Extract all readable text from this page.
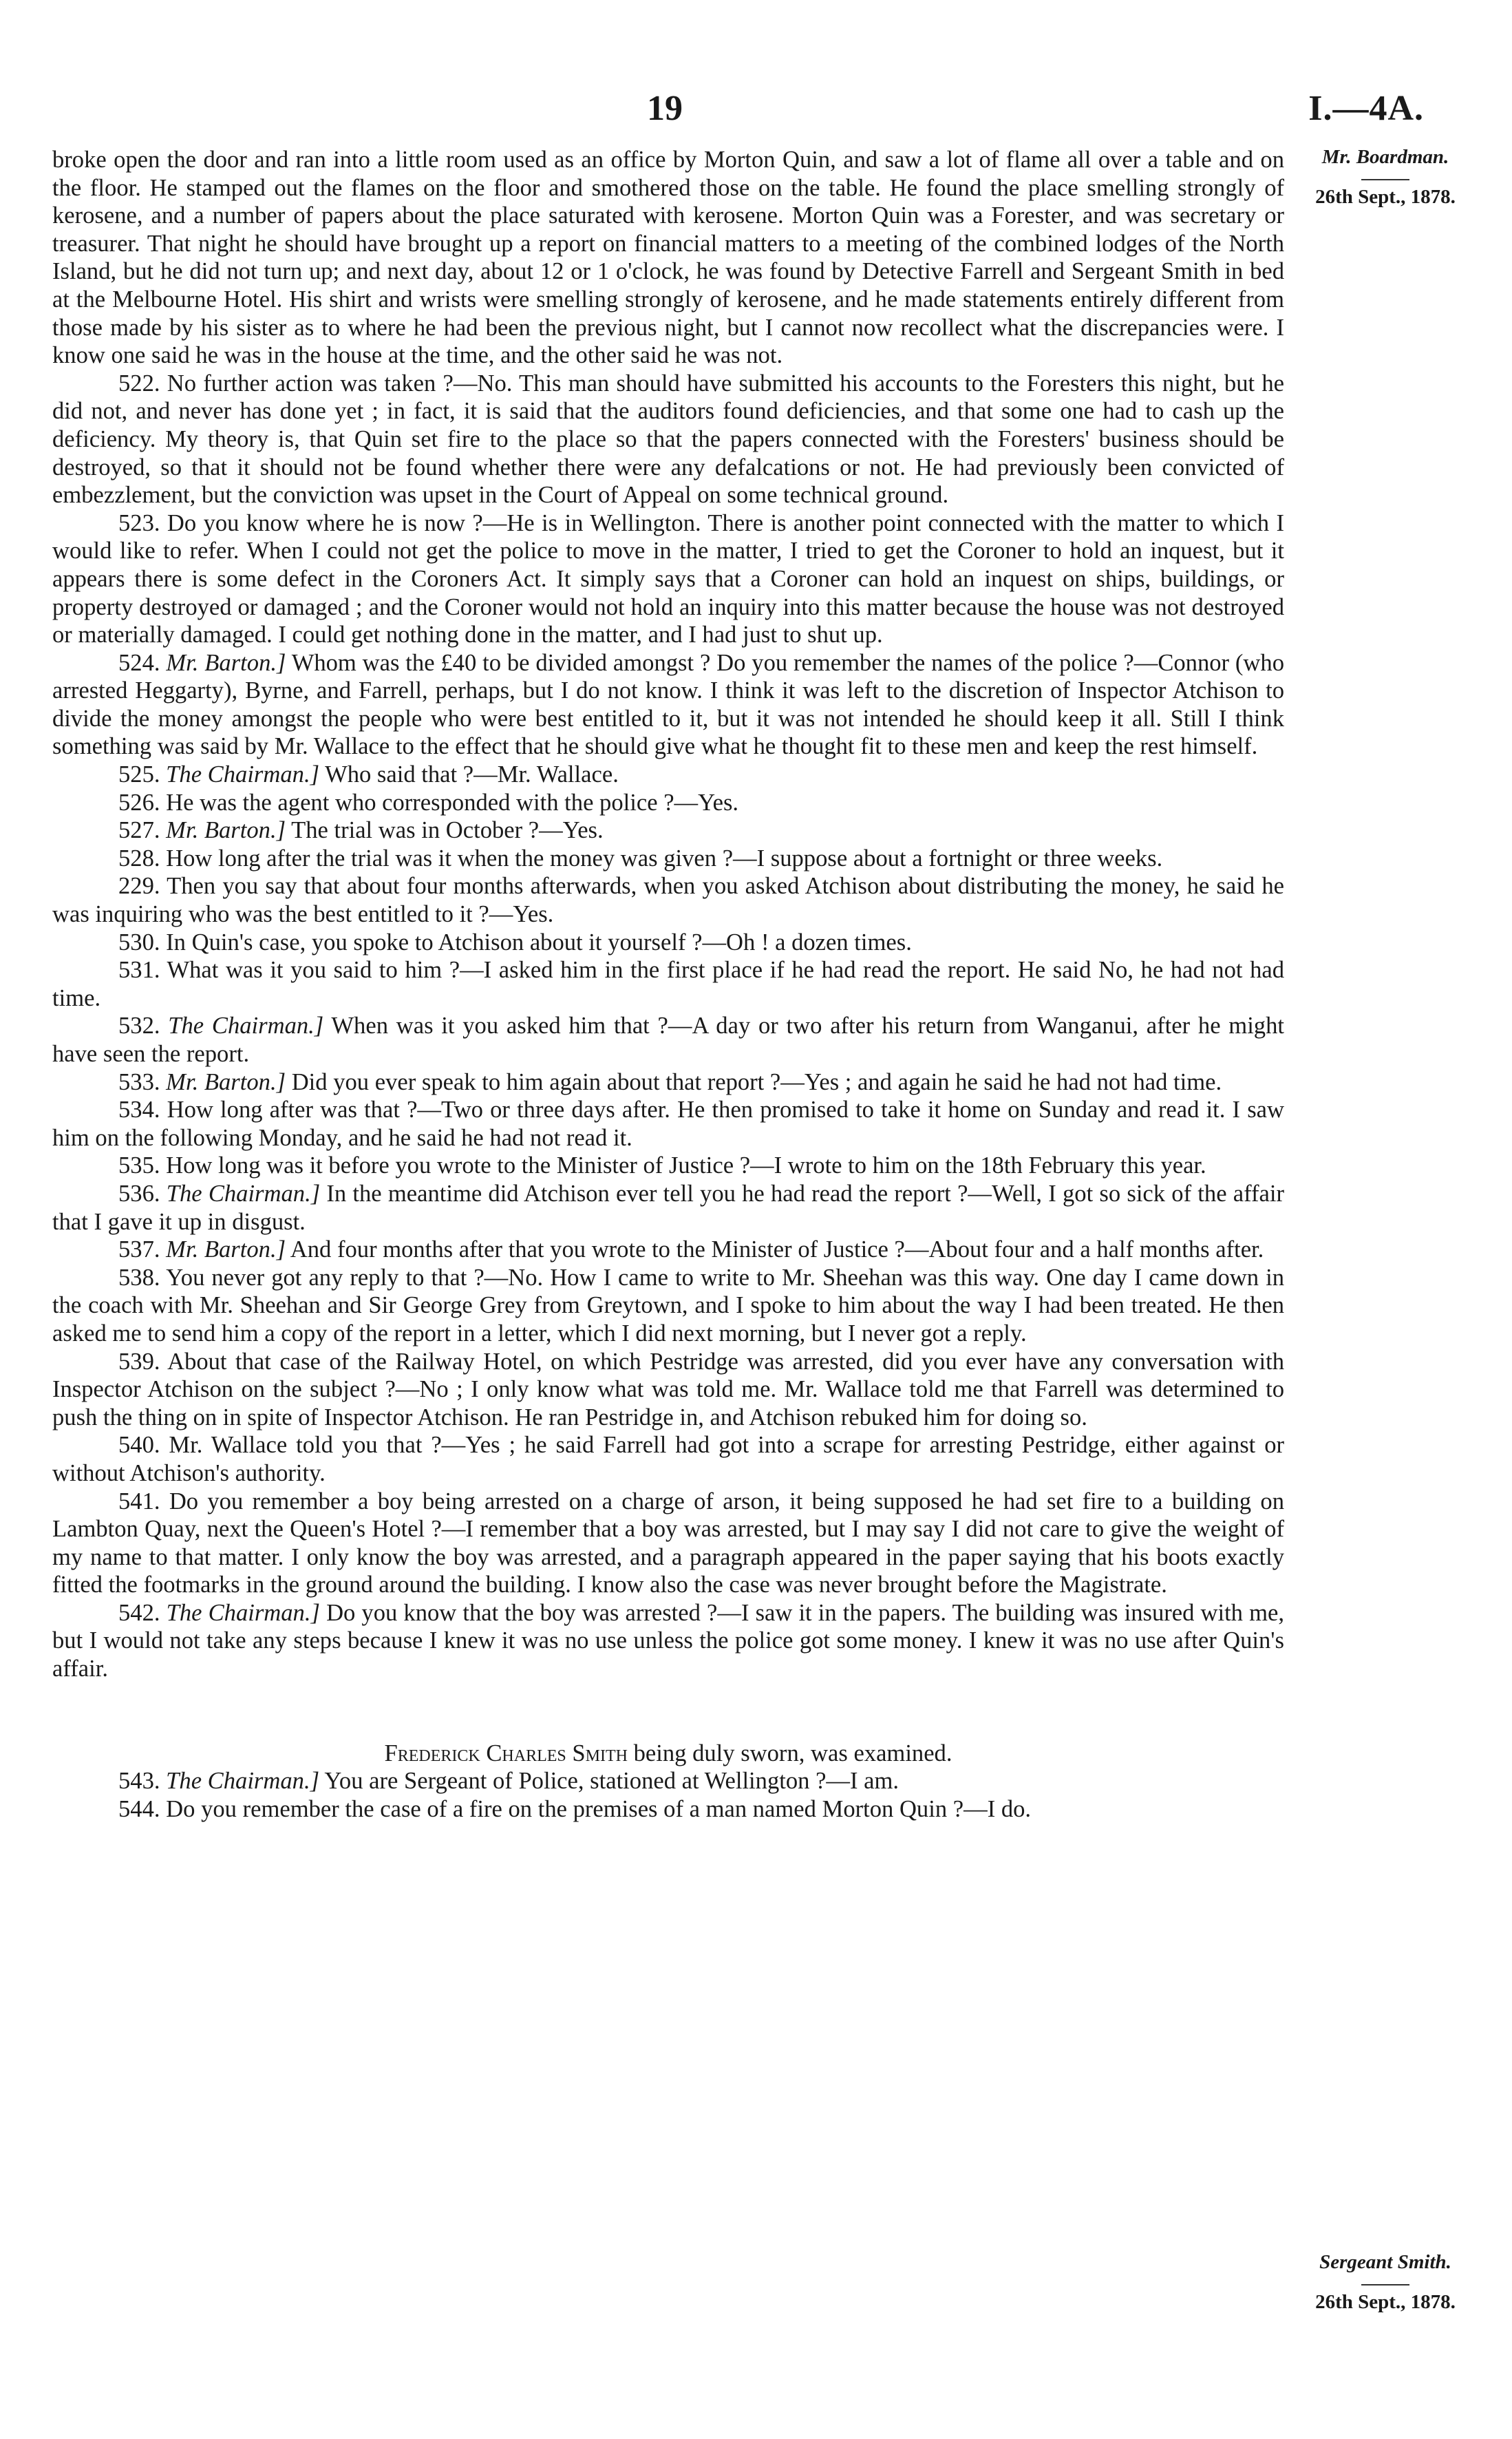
19	I.—4A.
Mr. Boardman.
26th Sept., 1878.
Sergeant Smith.
26th Sept., 1878.

broke open the door and ran into a little room used as an office by Morton Quin, and saw a lot of flame all over a table and on the floor. He stamped out the flames on the floor and smothered those on the table. He found the place smelling strongly of kerosene, and a number of papers about the place saturated with kerosene. Morton Quin was a Forester, and was secretary or treasurer. That night he should have brought up a report on financial matters to a meeting of the combined lodges of the North Island, but he did not turn up; and next day, about 12 or 1 o'clock, he was found by Detective Farrell and Sergeant Smith in bed at the Melbourne Hotel. His shirt and wrists were smelling strongly of kerosene, and he made statements entirely different from those made by his sister as to where he had been the previous night, but I cannot now recollect what the discrepancies were. I know one said he was in the house at the time, and the other said he was not.

522. No further action was taken ?—No. This man should have submitted his accounts to the Foresters this night, but he did not, and never has done yet ; in fact, it is said that the auditors found deficiencies, and that some one had to cash up the deficiency. My theory is, that Quin set fire to the place so that the papers connected with the Foresters' business should be destroyed, so that it should not be found whether there were any defalcations or not. He had previously been convicted of embezzlement, but the conviction was upset in the Court of Appeal on some technical ground.

523. Do you know where he is now ?—He is in Wellington. There is another point connected with the matter to which I would like to refer. When I could not get the police to move in the matter, I tried to get the Coroner to hold an inquest, but it appears there is some defect in the Coroners Act. It simply says that a Coroner can hold an inquest on ships, buildings, or property destroyed or damaged ; and the Coroner would not hold an inquiry into this matter because the house was not destroyed or materially damaged. I could get nothing done in the matter, and I had just to shut up.

524. Mr. Barton.] Whom was the £40 to be divided amongst ? Do you remember the names of the police ?—Connor (who arrested Heggarty), Byrne, and Farrell, perhaps, but I do not know. I think it was left to the discretion of Inspector Atchison to divide the money amongst the people who were best entitled to it, but it was not intended he should keep it all. Still I think something was said by Mr. Wallace to the effect that he should give what he thought fit to these men and keep the rest himself.

525. The Chairman.] Who said that ?—Mr. Wallace.

526. He was the agent who corresponded with the police ?—Yes.

527. Mr. Barton.] The trial was in October ?—Yes.

528. How long after the trial was it when the money was given ?—I suppose about a fortnight or three weeks.

229. Then you say that about four months afterwards, when you asked Atchison about distributing the money, he said he was inquiring who was the best entitled to it ?—Yes.

530. In Quin's case, you spoke to Atchison about it yourself ?—Oh ! a dozen times.

531. What was it you said to him ?—I asked him in the first place if he had read the report. He said No, he had not had time.

532. The Chairman.] When was it you asked him that ?—A day or two after his return from Wanganui, after he might have seen the report.

533. Mr. Barton.] Did you ever speak to him again about that report ?—Yes ; and again he said he had not had time.

534. How long after was that ?—Two or three days after. He then promised to take it home on Sunday and read it. I saw him on the following Monday, and he said he had not read it.

535. How long was it before you wrote to the Minister of Justice ?—I wrote to him on the 18th February this year.

536. The Chairman.] In the meantime did Atchison ever tell you he had read the report ?—Well, I got so sick of the affair that I gave it up in disgust.

537. Mr. Barton.] And four months after that you wrote to the Minister of Justice ?—About four and a half months after.

538. You never got any reply to that ?—No. How I came to write to Mr. Sheehan was this way. One day I came down in the coach with Mr. Sheehan and Sir George Grey from Greytown, and I spoke to him about the way I had been treated. He then asked me to send him a copy of the report in a letter, which I did next morning, but I never got a reply.

539. About that case of the Railway Hotel, on which Pestridge was arrested, did you ever have any conversation with Inspector Atchison on the subject ?—No ; I only know what was told me. Mr. Wallace told me that Farrell was determined to push the thing on in spite of Inspector Atchison. He ran Pestridge in, and Atchison rebuked him for doing so.

540. Mr. Wallace told you that ?—Yes ; he said Farrell had got into a scrape for arresting Pestridge, either against or without Atchison's authority.

541. Do you remember a boy being arrested on a charge of arson, it being supposed he had set fire to a building on Lambton Quay, next the Queen's Hotel ?—I remember that a boy was arrested, but I may say I did not care to give the weight of my name to that matter. I only know the boy was arrested, and a paragraph appeared in the paper saying that his boots exactly fitted the footmarks in the ground around the building. I know also the case was never brought before the Magistrate.

542. The Chairman.] Do you know that the boy was arrested ?—I saw it in the papers. The building was insured with me, but I would not take any steps because I knew it was no use unless the police got some money. I knew it was no use after Quin's affair.

Frederick Charles Smith being duly sworn, was examined.

543. The Chairman.] You are Sergeant of Police, stationed at Wellington ?—I am.

544. Do you remember the case of a fire on the premises of a man named Morton Quin ?—I do.
